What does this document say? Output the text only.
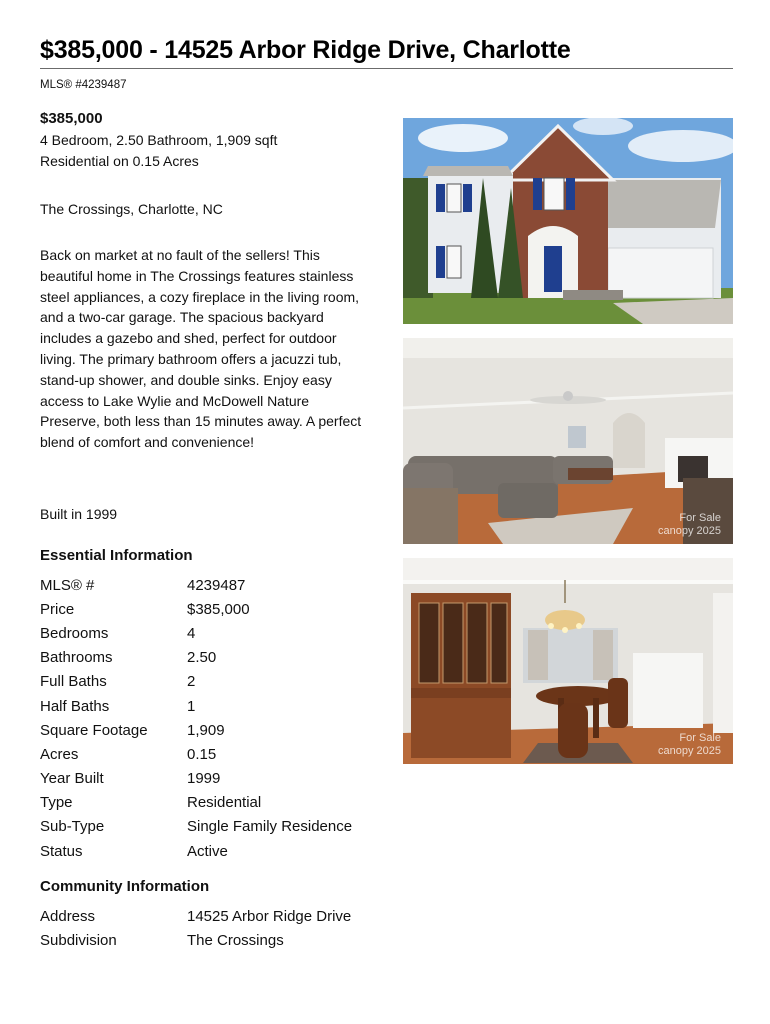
$385,000 - 14525 Arbor Ridge Drive, Charlotte
MLS® #4239487
$385,000
4 Bedroom, 2.50 Bathroom, 1,909 sqft
Residential on 0.15 Acres
The Crossings, Charlotte, NC

Back on market at no fault of the sellers! This beautiful home in The Crossings features stainless steel appliances, a cozy fireplace in the living room, and a two-car garage. The spacious backyard includes a gazebo and shed, perfect for outdoor living. The primary bathroom offers a jacuzzi tub, stand-up shower, and double sinks. Enjoy easy access to Lake Wylie and McDowell Nature Preserve, both less than 15 minutes away. A perfect blend of comfort and convenience!

Built in 1999
Essential Information
MLS® #	4239487
Price	$385,000
Bedrooms	4
Bathrooms	2.50
Full Baths	2
Half Baths	1
Square Footage	1,909
Acres	0.15
Year Built	1999
Type	Residential
Sub-Type	Single Family Residence
Status	Active
Community Information
Address	14525 Arbor Ridge Drive
Subdivision	The Crossings
For Sale
canopy 2025
For Sale
canopy 2025
